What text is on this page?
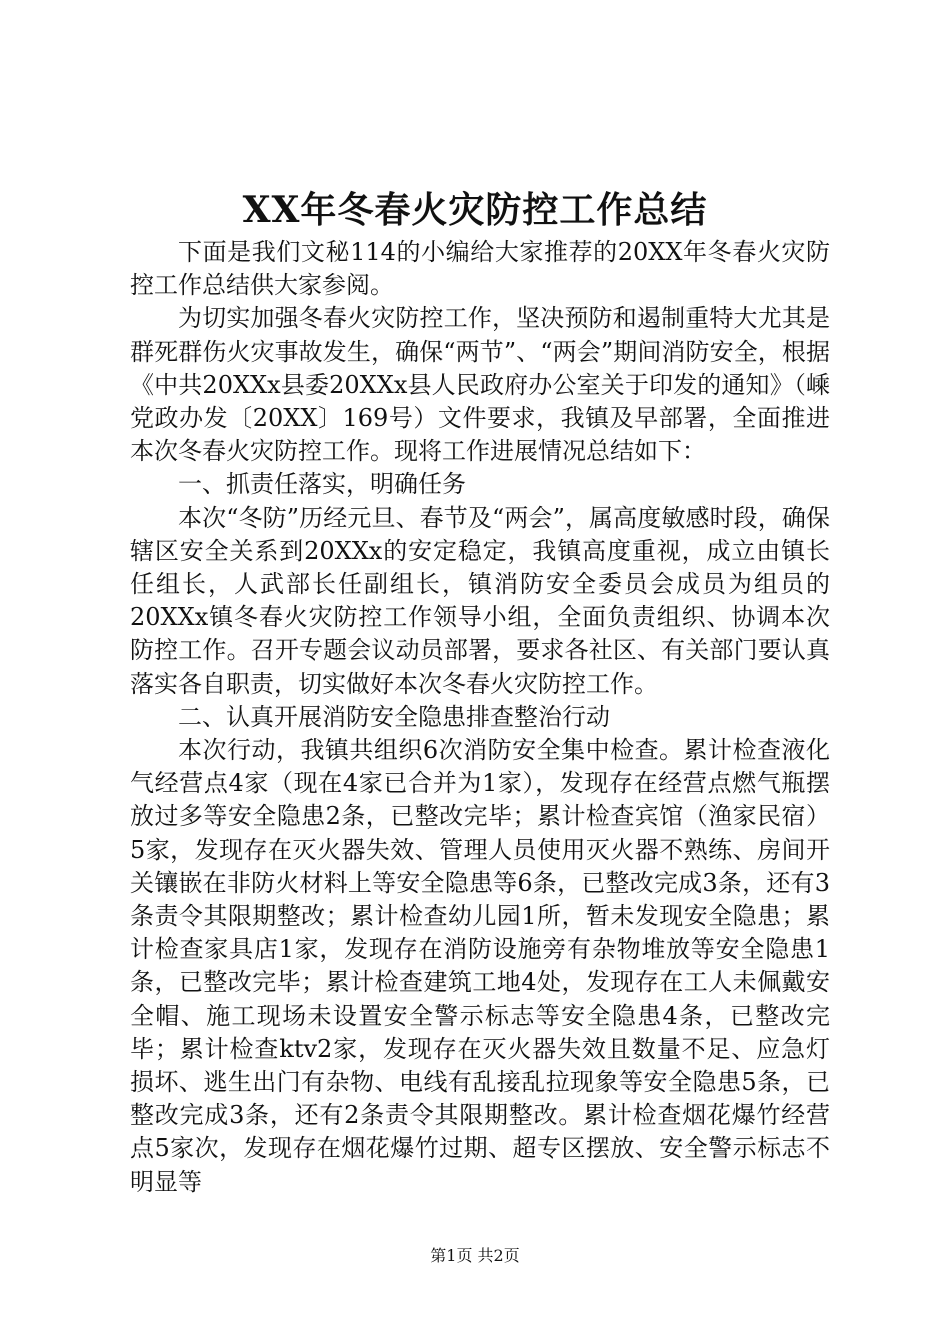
XX年冬春火灾防控工作总结

下面是我们文秘114的小编给大家推荐的20XX年冬春火灾防控工作总结供大家参阅。

为切实加强冬春火灾防控工作，坚决预防和遏制重特大尤其是群死群伤火灾事故发生，确保“两节”、“两会”期间消防安全，根据《中共20XXx县委20XXx县人民政府办公室关于印发的通知》（嵊党政办发〔20XX〕169号）文件要求，我镇及早部署，全面推进本次冬春火灾防控工作。现将工作进展情况总结如下：

一、抓责任落实，明确任务

本次“冬防”历经元旦、春节及“两会”，属高度敏感时段，确保辖区安全关系到20XXx的安定稳定，我镇高度重视，成立由镇长任组长，人武部长任副组长，镇消防安全委员会成员为组员的20XXx镇冬春火灾防控工作领导小组，全面负责组织、协调本次防控工作。召开专题会议动员部署，要求各社区、有关部门要认真落实各自职责，切实做好本次冬春火灾防控工作。

二、认真开展消防安全隐患排查整治行动

本次行动，我镇共组织6次消防安全集中检查。累计检查液化气经营点4家（现在4家已合并为1家），发现存在经营点燃气瓶摆放过多等安全隐患2条，已整改完毕；累计检查宾馆（渔家民宿）5家，发现存在灭火器失效、管理人员使用灭火器不熟练、房间开关镶嵌在非防火材料上等安全隐患等6条，已整改完成3条，还有3条责令其限期整改；累计检查幼儿园1所，暂未发现安全隐患；累计检查家具店1家，发现存在消防设施旁有杂物堆放等安全隐患1条，已整改完毕；累计检查建筑工地4处，发现存在工人未佩戴安全帽、施工现场未设置安全警示标志等安全隐患4条，已整改完毕；累计检查ktv2家，发现存在灭火器失效且数量不足、应急灯损坏、逃生出门有杂物、电线有乱接乱拉现象等安全隐患5条，已整改完成3条，还有2条责令其限期整改。累计检查烟花爆竹经营点5家次，发现存在烟花爆竹过期、超专区摆放、安全警示标志不明显等

第1页 共2页
